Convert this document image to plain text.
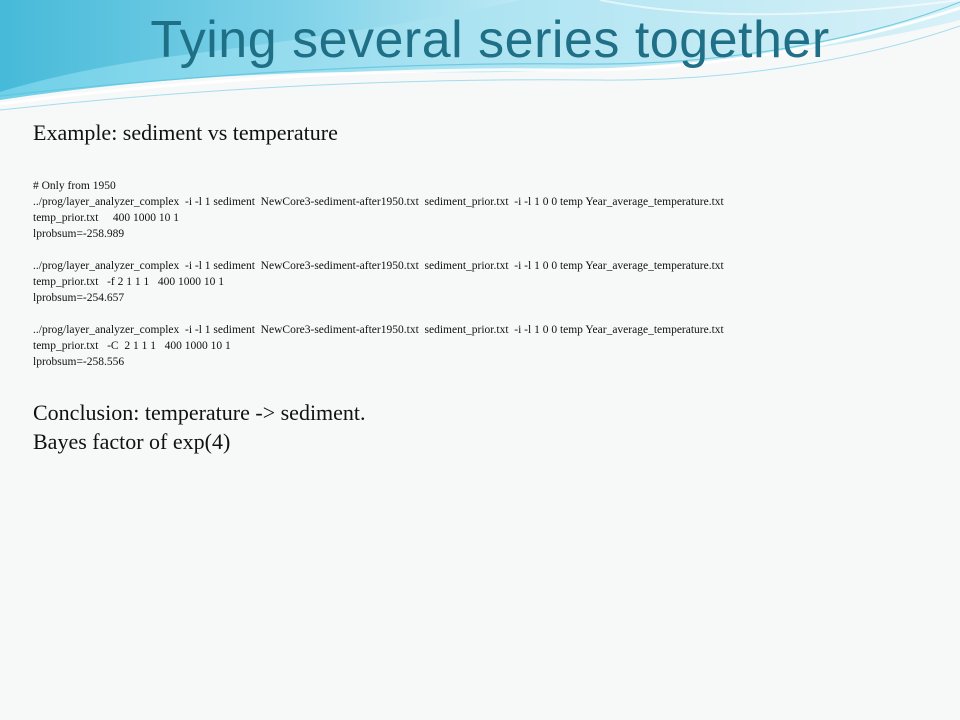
Tying several series together
Example: sediment vs temperature
# Only from 1950
../prog/layer_analyzer_complex  -i -l 1 sediment  NewCore3-sediment-after1950.txt  sediment_prior.txt  -i -l 1 0 0 temp Year_average_temperature.txt
temp_prior.txt     400 1000 10 1
lprobsum=-258.989
../prog/layer_analyzer_complex  -i -l 1 sediment  NewCore3-sediment-after1950.txt  sediment_prior.txt  -i -l 1 0 0 temp Year_average_temperature.txt
temp_prior.txt   -f 2 1 1 1   400 1000 10 1
lprobsum=-254.657
../prog/layer_analyzer_complex  -i -l 1 sediment  NewCore3-sediment-after1950.txt  sediment_prior.txt  -i -l 1 0 0 temp Year_average_temperature.txt
temp_prior.txt   -C  2 1 1 1   400 1000 10 1
lprobsum=-258.556
Conclusion: temperature -> sediment.
Bayes factor of exp(4)
